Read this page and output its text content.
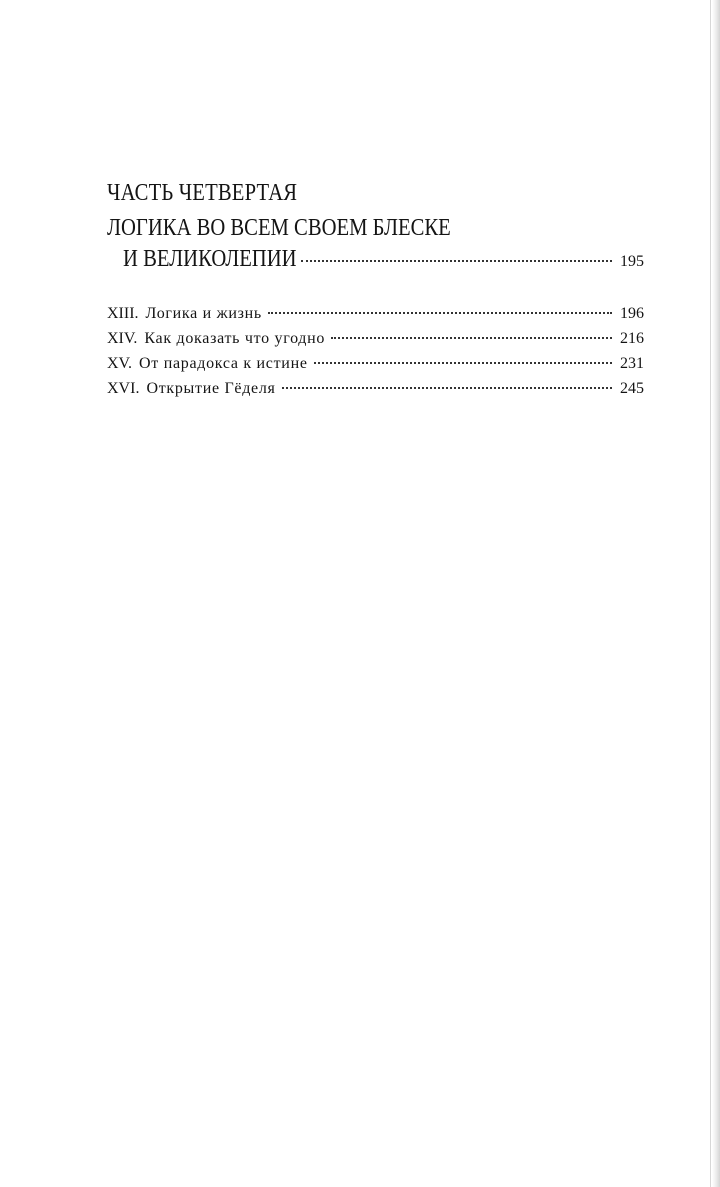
ЧАСТЬ ЧЕТВЕРТАЯ
ЛОГИКА ВО ВСЕМ СВОЕМ БЛЕСКЕ
И ВЕЛИКОЛЕПИИ	195
XIII. Логика и жизнь	196
XIV. Как доказать что угодно	216
XV. От парадокса к истине	231
XVI. Открытие Гёделя	245
